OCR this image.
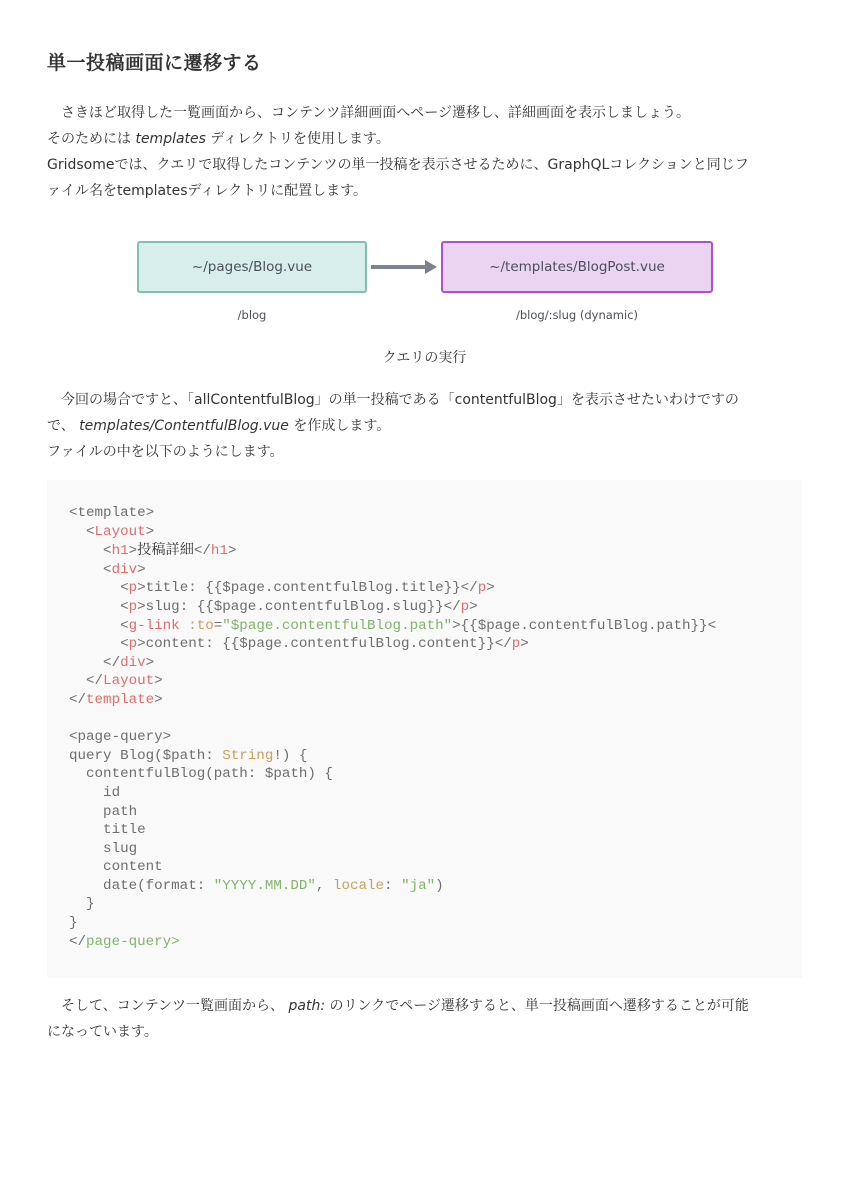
単一投稿画面に遷移する
さきほど取得した一覧画面から、コンテンツ詳細画面へページ遷移し、詳細画面を表示しましょう。
そのためには templates ディレクトリを使用します。
Gridsomeでは、クエリで取得したコンテンツの単一投稿を表示させるために、GraphQLコレクションと同じフ
ァイル名をtemplatesディレクトリに配置します。
~/pages/Blog.vue	~/templates/BlogPost.vue
/blog	/blog/:slug (dynamic)
クエリの実行
今回の場合ですと、「allContentfulBlog」の単一投稿である「contentfulBlog」を表示させたいわけですの
で、 templates/ContentfulBlog.vue を作成します。
ファイルの中を以下のようにします。
<template>
<Layout>
<h1>投稿詳細</h1>
<div>
<p>title: {{$page.contentfulBlog.title}}</p>
<p>slug: {{$page.contentfulBlog.slug}}</p>
<g-link :to="$page.contentfulBlog.path">{{$page.contentfulBlog.path}}<
<p>content: {{$page.contentfulBlog.content}}</p>
</div>
</Layout>
</template>

<page-query>
query Blog($path: String!) {
contentfulBlog(path: $path) {
id
path
title
slug
content
date(format: "YYYY.MM.DD", locale: "ja")
}
}
</page-query>
そして、コンテンツ一覧画面から、 path: のリンクでページ遷移すると、単一投稿画面へ遷移することが可能
になっています。
